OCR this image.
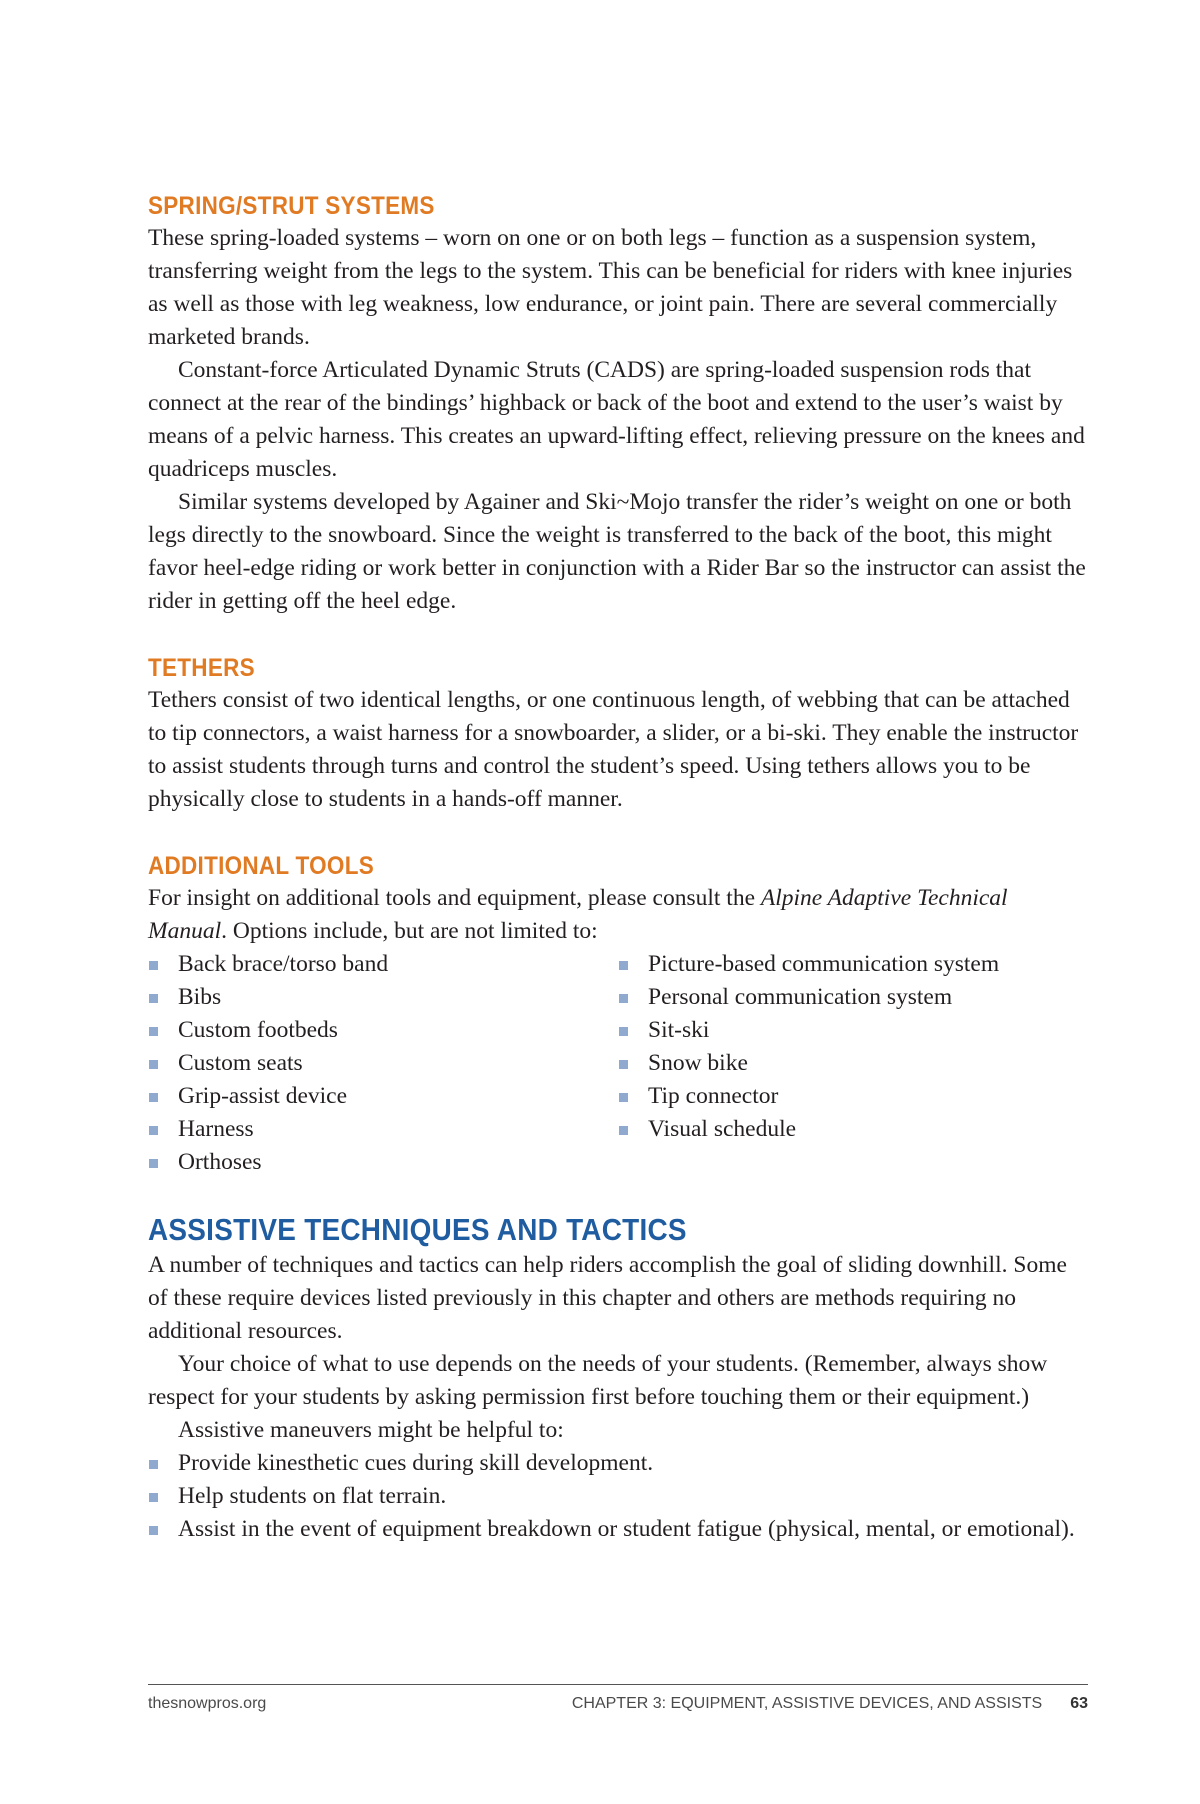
SPRING/STRUT SYSTEMS

These spring-loaded systems – worn on one or on both legs – function as a suspension system, transferring weight from the legs to the system. This can be beneficial for riders with knee injuries as well as those with leg weakness, low endurance, or joint pain. There are several commercially marketed brands.

Constant-force Articulated Dynamic Struts (CADS) are spring-loaded suspension rods that connect at the rear of the bindings’ highback or back of the boot and extend to the user’s waist by means of a pelvic harness. This creates an upward-lifting effect, relieving pressure on the knees and quadriceps muscles.

Similar systems developed by Againer and Ski~Mojo transfer the rider’s weight on one or both legs directly to the snowboard. Since the weight is transferred to the back of the boot, this might favor heel-edge riding or work better in conjunction with a Rider Bar so the instructor can assist the rider in getting off the heel edge.

TETHERS

Tethers consist of two identical lengths, or one continuous length, of webbing that can be attached to tip connectors, a waist harness for a snowboarder, a slider, or a bi-ski. They enable the instructor to assist students through turns and control the student’s speed. Using tethers allows you to be physically close to students in a hands-off manner.

ADDITIONAL TOOLS

For insight on additional tools and equipment, please consult the Alpine Adaptive Technical Manual. Options include, but are not limited to:

Back brace/torso band
Bibs
Custom footbeds
Custom seats
Grip-assist device
Harness
Orthoses
Picture-based communication system
Personal communication system
Sit-ski
Snow bike
Tip connector
Visual schedule
ASSISTIVE TECHNIQUES AND TACTICS

A number of techniques and tactics can help riders accomplish the goal of sliding downhill. Some of these require devices listed previously in this chapter and others are methods requiring no additional resources.

Your choice of what to use depends on the needs of your students. (Remember, always show respect for your students by asking permission first before touching them or their equipment.)

Assistive maneuvers might be helpful to:

Provide kinesthetic cues during skill development.
Help students on flat terrain.
Assist in the event of equipment breakdown or student fatigue (physical, mental, or emotional).
thesnowpros.org	CHAPTER 3: EQUIPMENT, ASSISTIVE DEVICES, AND ASSISTS 63
